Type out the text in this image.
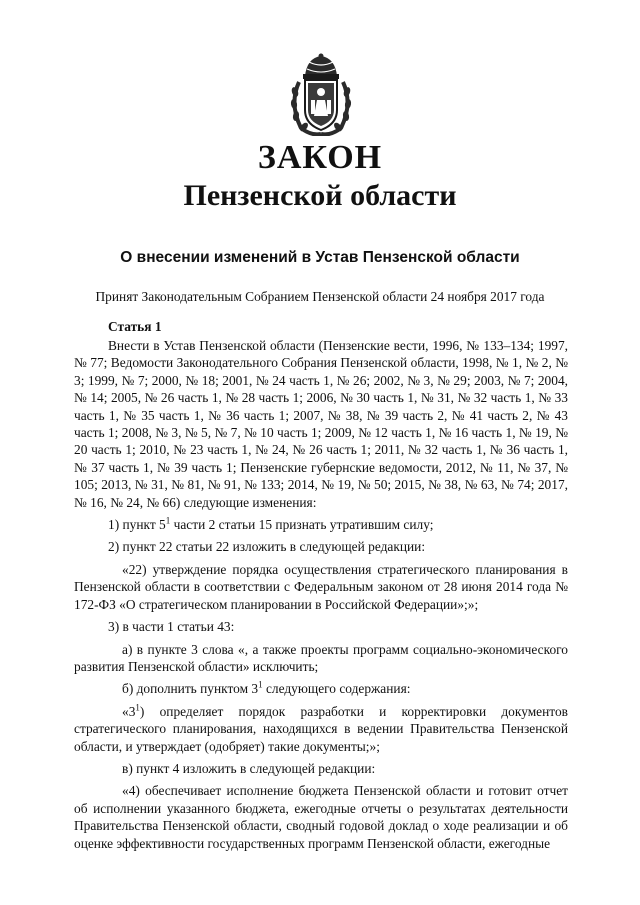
ЗАКОН
Пензенской области
О внесении изменений в Устав Пензенской области
Принят Законодательным Собранием Пензенской области 24 ноября 2017 года
Статья 1

Внести в Устав Пензенской области (Пензенские вести, 1996, № 133–134; 1997, № 77; Ведомости Законодательного Собрания Пензенской области, 1998, № 1, № 2, № 3; 1999, № 7; 2000, № 18; 2001, № 24 часть 1, № 26; 2002, № 3, № 29; 2003, № 7; 2004, № 14; 2005, № 26 часть 1, № 28 часть 1; 2006, № 30 часть 1, № 31, № 32 часть 1, № 33 часть 1, № 35 часть 1, № 36 часть 1; 2007, № 38, № 39 часть 2, № 41 часть 2, № 43 часть 1; 2008, № 3, № 5, № 7, № 10 часть 1; 2009, № 12 часть 1, № 16 часть 1, № 19, № 20 часть 1; 2010, № 23 часть 1, № 24, № 26 часть 1; 2011, № 32 часть 1, № 36 часть 1, № 37 часть 1, № 39 часть 1; Пензенские губернские ведомости, 2012, № 11, № 37, № 105; 2013, № 31, № 81, № 91, № 133; 2014, № 19, № 50; 2015, № 38, № 63, № 74; 2017, № 16, № 24, № 66) следующие изменения:

1) пункт $5^1$ части 2 статьи 15 признать утратившим силу;

2) пункт 22 статьи 22 изложить в следующей редакции:

«22) утверждение порядка осуществления стратегического планирования в Пензенской области в соответствии с Федеральным законом от 28 июня 2014 года № 172-ФЗ «О стратегическом планировании в Российской Федерации»;»;

3) в части 1 статьи 43:

а) в пункте 3 слова «, а также проекты программ социально-экономического развития Пензенской области» исключить;

б) дополнить пунктом $3^1$ следующего содержания:

«$3^1$) определяет порядок разработки и корректировки документов стратегического планирования, находящихся в ведении Правительства Пензенской области, и утверждает (одобряет) такие документы;»;

в) пункт 4 изложить в следующей редакции:

«4) обеспечивает исполнение бюджета Пензенской области и готовит отчет об исполнении указанного бюджета, ежегодные отчеты о результатах деятельности Правительства Пензенской области, сводный годовой доклад о ходе реализации и об оценке эффективности государственных программ Пензенской области, ежегодные
